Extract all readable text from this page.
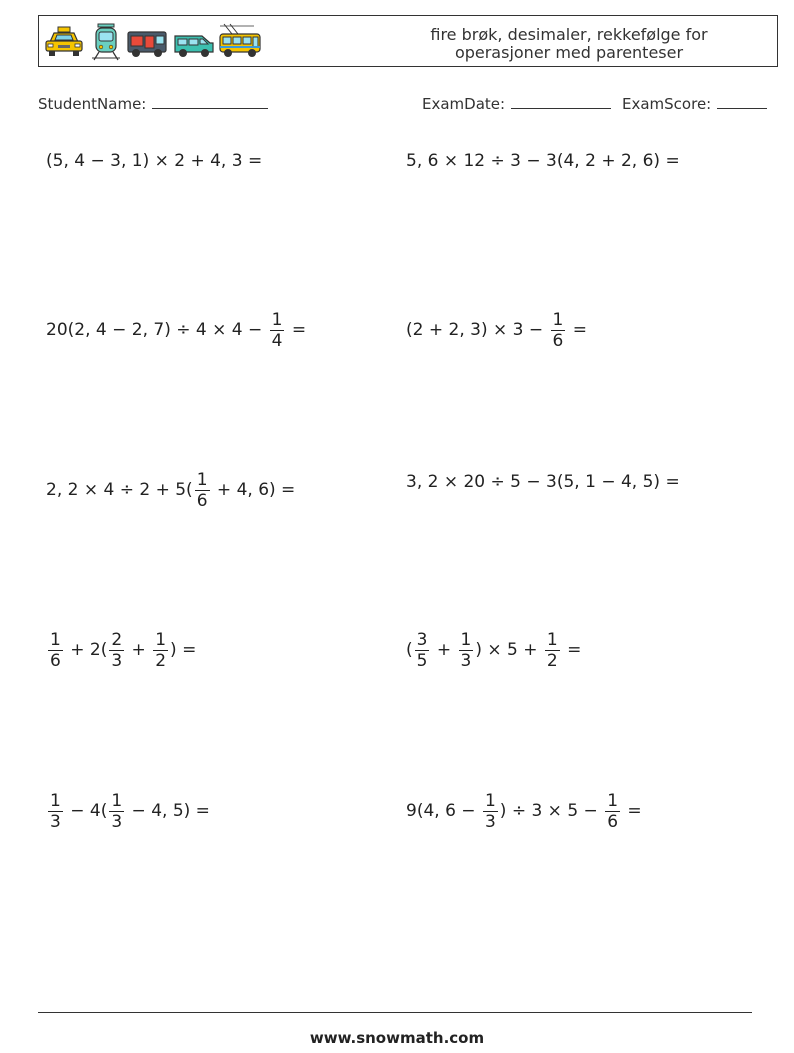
fire brøk, desimaler, rekkefølge for
operasjoner med parenteser
StudentName:	ExamDate:	ExamScore:
(5, 4 − 3, 1) × 2 + 4, 3 =	5, 6 × 12 ÷ 3 − 3(4, 2 + 2, 6) =
20(2, 4 − 2, $7) \div 4 \times 4 - \frac{1}{4}$ =	(2 + 2, $3) \times 3 - \frac{1}{6}$ =
2, $2 \times 4 \div 2 + 5( \frac{1}{6} + 4$, 6) =	3, 2 × 20 ÷ 5 − 3(5, 1 − 4, 5) =
$\frac{1}{6} + 2( \frac{2}{3} + \frac{1}{2}$ ) =	( $\frac{3}{5} + \frac{1}{3}$ ) × $5 + \frac{1}{2}$ =
$\frac{1}{3} - 4( \frac{1}{3} - 4$, 5) =	9(4, $6 - \frac{1}{3}$ ) ÷ $3 \times 5 - \frac{1}{6}$ =
www.snowmath.com
